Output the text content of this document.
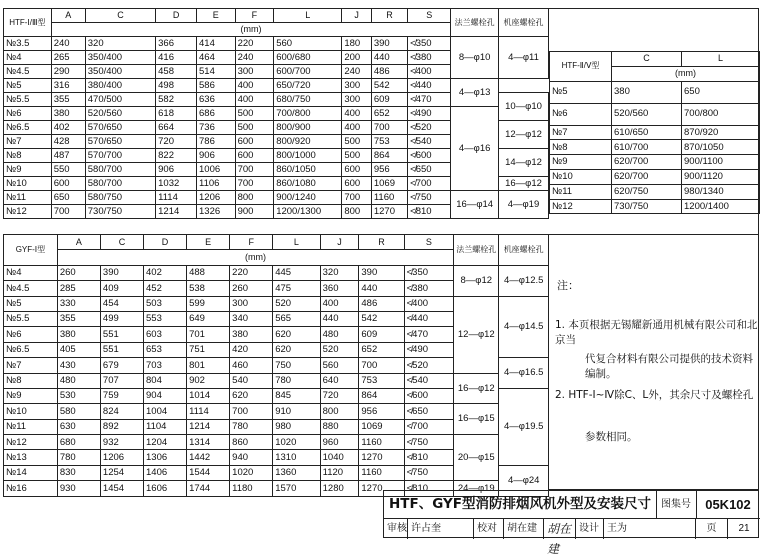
HTF-Ⅰ/Ⅲ型	A	C	D	E	F	L	J	R	S	法兰螺栓孔	机座螺栓孔
	(mm)										
№3.5	240	320	366	414	220	560	180	390	≮350	8—φ10	4—φ11
№4	265	350/400	416	464	240	600/680	200	440	≮380		
№4.5	290	350/400	458	514	300	600/700	240	486	≮400		
№5	316	380/400	498	586	400	650/720	300	542	≮440	4—φ13	
№5.5	355	470/500	582	636	400	680/750	300	609	≮470		10—φ10
№6	380	520/560	618	686	500	700/800	400	652	≮490	4—φ16	
№6.5	402	570/650	664	736	500	800/900	400	700	≮520		12—φ12
№7	428	570/650	720	786	600	800/920	500	753	≮540		
№8	487	570/700	822	906	600	800/1000	500	864	≮600		14—φ12
№9	550	580/700	906	1006	700	860/1050	600	956	≮650		
№10	600	580/700	1032	1106	700	860/1080	600	1069	≮700		16—φ12
№11	650	580/750	1114	1206	800	900/1240	700	1160	≮750	16—φ14	4—φ19
№12	700	730/750	1214	1326	900	1200/1300	800	1270	≮810		
HTF-Ⅱ/Ⅴ型	C	L
	(mm)	
№5	380	650
№6	520/560	700/800
№7	610/650	870/920
№8	610/700	870/1050
№9	620/700	900/1100
№10	620/700	900/1120
№11	620/750	980/1340
№12	730/750	1200/1400
GYF-Ⅰ型	A	C	D	E	F	L	J	R	S	法兰螺栓孔	机座螺栓孔
	(mm)										
№4	260	390	402	488	220	445	320	390	≮350	8—φ12	4—φ12.5
№4.5	285	409	452	538	260	475	360	440	≮380		
№5	330	454	503	599	300	520	400	486	≮400	12—φ12	4—φ14.5
№5.5	355	499	553	649	340	565	440	542	≮440		
№6	380	551	603	701	380	620	480	609	≮470		
№6.5	405	551	653	751	420	620	520	652	≮490		
№7	430	679	703	801	460	750	560	700	≮520		4—φ16.5
№8	480	707	804	902	540	780	640	753	≮540	16—φ12	
№9	530	759	904	1014	620	845	720	864	≮600		4—φ19.5
№10	580	824	1004	1114	700	910	800	956	≮650	16—φ15	
№11	630	892	1104	1214	780	980	880	1069	≮700		
№12	680	932	1204	1314	860	1020	960	1160	≮750	20—φ15	
№13	780	1206	1306	1442	940	1310	1040	1270	≮810		
№14	830	1254	1406	1544	1020	1360	1120	1160	≮750		4—φ24
№16	930	1454	1606	1744	1180	1570	1280	1270	≮810	24—φ19	
注：
1. 本页根据无锡耀新通用机械有限公司和北京当
代复合材料有限公司提供的技术资料编制。
2. HTF-Ⅰ~Ⅳ除C、L外，其余尺寸及螺栓孔
参数相同。
HTF、GYF型消防排烟风机外型及安装尺寸	图集号	05K102
审核 许占奎	校对	胡在建 胡在建
设计 王为	页	21
